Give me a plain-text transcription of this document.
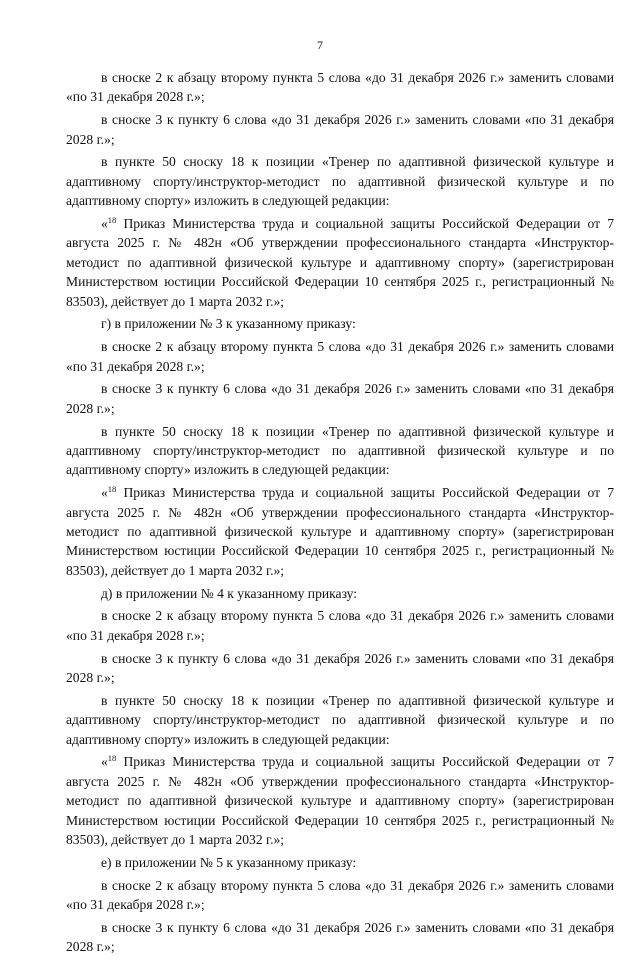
7

в сноске 2 к абзацу второму пункта 5 слова «до 31 декабря 2026 г.» заменить словами «по 31 декабря 2028 г.»;

в сноске 3 к пункту 6 слова «до 31 декабря 2026 г.» заменить словами «по 31 декабря 2028 г.»;

в пункте 50 сноску 18 к позиции «Тренер по адаптивной физической культуре и адаптивному спорту/инструктор-методист по адаптивной физической культуре и по адаптивному спорту» изложить в следующей редакции:

«$^{18}$ Приказ Министерства труда и социальной защиты Российской Федерации от 7 августа 2025 г. № 482н «Об утверждении профессионального стандарта «Инструктор-методист по адаптивной физической культуре и адаптивному спорту» (зарегистрирован Министерством юстиции Российской Федерации 10 сентября 2025 г., регистрационный № 83503), действует до 1 марта 2032 г.»;

г) в приложении № 3 к указанному приказу:

в сноске 2 к абзацу второму пункта 5 слова «до 31 декабря 2026 г.» заменить словами «по 31 декабря 2028 г.»;

в сноске 3 к пункту 6 слова «до 31 декабря 2026 г.» заменить словами «по 31 декабря 2028 г.»;

в пункте 50 сноску 18 к позиции «Тренер по адаптивной физической культуре и адаптивному спорту/инструктор-методист по адаптивной физической культуре и по адаптивному спорту» изложить в следующей редакции:

«$^{18}$ Приказ Министерства труда и социальной защиты Российской Федерации от 7 августа 2025 г. № 482н «Об утверждении профессионального стандарта «Инструктор-методист по адаптивной физической культуре и адаптивному спорту» (зарегистрирован Министерством юстиции Российской Федерации 10 сентября 2025 г., регистрационный № 83503), действует до 1 марта 2032 г.»;

д) в приложении № 4 к указанному приказу:

в сноске 2 к абзацу второму пункта 5 слова «до 31 декабря 2026 г.» заменить словами «по 31 декабря 2028 г.»;

в сноске 3 к пункту 6 слова «до 31 декабря 2026 г.» заменить словами «по 31 декабря 2028 г.»;

в пункте 50 сноску 18 к позиции «Тренер по адаптивной физической культуре и адаптивному спорту/инструктор-методист по адаптивной физической культуре и по адаптивному спорту» изложить в следующей редакции:

«$^{18}$ Приказ Министерства труда и социальной защиты Российской Федерации от 7 августа 2025 г. № 482н «Об утверждении профессионального стандарта «Инструктор-методист по адаптивной физической культуре и адаптивному спорту» (зарегистрирован Министерством юстиции Российской Федерации 10 сентября 2025 г., регистрационный № 83503), действует до 1 марта 2032 г.»;

е) в приложении № 5 к указанному приказу:

в сноске 2 к абзацу второму пункта 5 слова «до 31 декабря 2026 г.» заменить словами «по 31 декабря 2028 г.»;

в сноске 3 к пункту 6 слова «до 31 декабря 2026 г.» заменить словами «по 31 декабря 2028 г.»;
